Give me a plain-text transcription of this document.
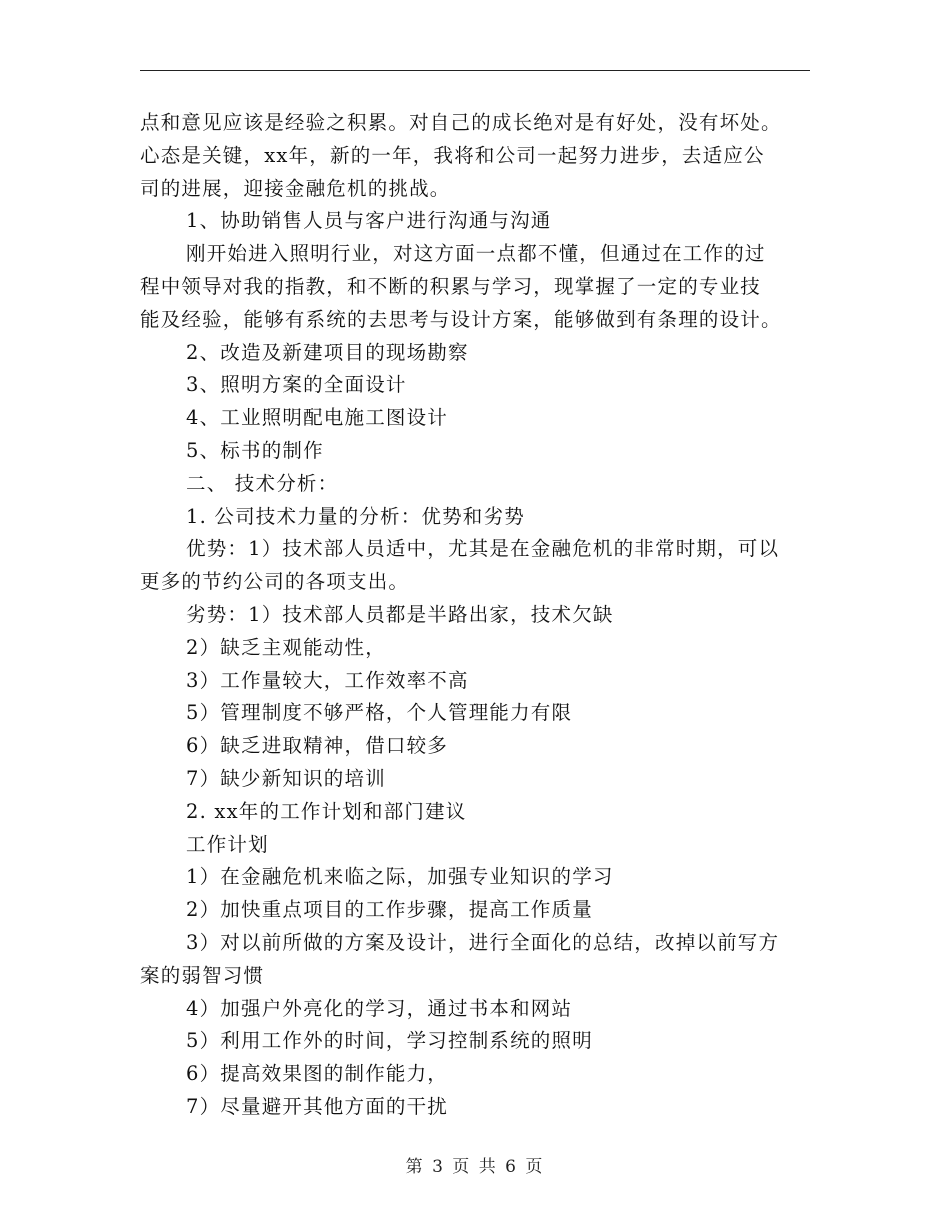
点和意见应该是经验之积累。对自己的成长绝对是有好处，没有坏处。
心态是关键，xx年，新的一年，我将和公司一起努力进步，去适应公
司的进展，迎接金融危机的挑战。
1、协助销售人员与客户进行沟通与沟通
刚开始进入照明行业，对这方面一点都不懂，但通过在工作的过
程中领导对我的指教，和不断的积累与学习，现掌握了一定的专业技
能及经验，能够有系统的去思考与设计方案，能够做到有条理的设计。
2、改造及新建项目的现场勘察
3、照明方案的全面设计
4、工业照明配电施工图设计
5、标书的制作
二、 技术分析：
1. 公司技术力量的分析：优势和劣势
优势：1）技术部人员适中，尤其是在金融危机的非常时期，可以
更多的节约公司的各项支出。
劣势：1）技术部人员都是半路出家，技术欠缺
2）缺乏主观能动性，
3）工作量较大，工作效率不高
5）管理制度不够严格，个人管理能力有限
6）缺乏进取精神，借口较多
7）缺少新知识的培训
2. xx年的工作计划和部门建议
工作计划
1）在金融危机来临之际，加强专业知识的学习
2）加快重点项目的工作步骤，提高工作质量
3）对以前所做的方案及设计，进行全面化的总结，改掉以前写方
案的弱智习惯
4）加强户外亮化的学习，通过书本和网站
5）利用工作外的时间，学习控制系统的照明
6）提高效果图的制作能力，
7）尽量避开其他方面的干扰
第 3 页 共 6 页
